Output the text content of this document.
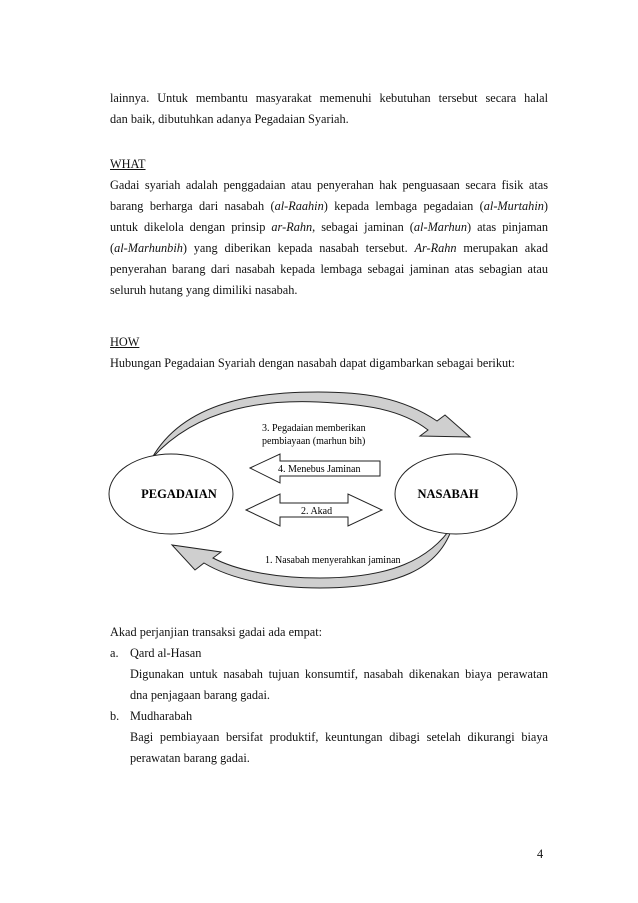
lainnya. Untuk membantu masyarakat memenuhi kebutuhan tersebut secara halal
dan baik, dibutuhkan adanya Pegadaian Syariah.
WHAT
Gadai syariah adalah penggadaian atau penyerahan hak penguasaan secara fisik atas
barang berharga dari nasabah (al-Raahin) kepada lembaga pegadaian (al-Murtahin)
untuk dikelola dengan prinsip ar-Rahn, sebagai jaminan (al-Marhun) atas pinjaman
(al-Marhunbih) yang diberikan kepada nasabah tersebut. Ar-Rahn merupakan akad
penyerahan barang dari nasabah kepada lembaga sebagai jaminan atas sebagian atau
seluruh hutang yang dimiliki nasabah.
HOW
Hubungan Pegadaian Syariah dengan nasabah dapat digambarkan sebagai berikut:
PEGADAIAN	NASABAH
3. Pegadaian memberikan
pembiayaan (marhun bih)
4. Menebus Jaminan
2. Akad
1. Nasabah menyerahkan jaminan
Akad perjanjian transaksi gadai ada empat:
a. Qard al-Hasan
Digunakan untuk nasabah tujuan konsumtif, nasabah dikenakan biaya perawatan
dna penjagaan barang gadai.
b. Mudharabah
Bagi pembiayaan bersifat produktif, keuntungan dibagi setelah dikurangi biaya
perawatan barang gadai.
4
